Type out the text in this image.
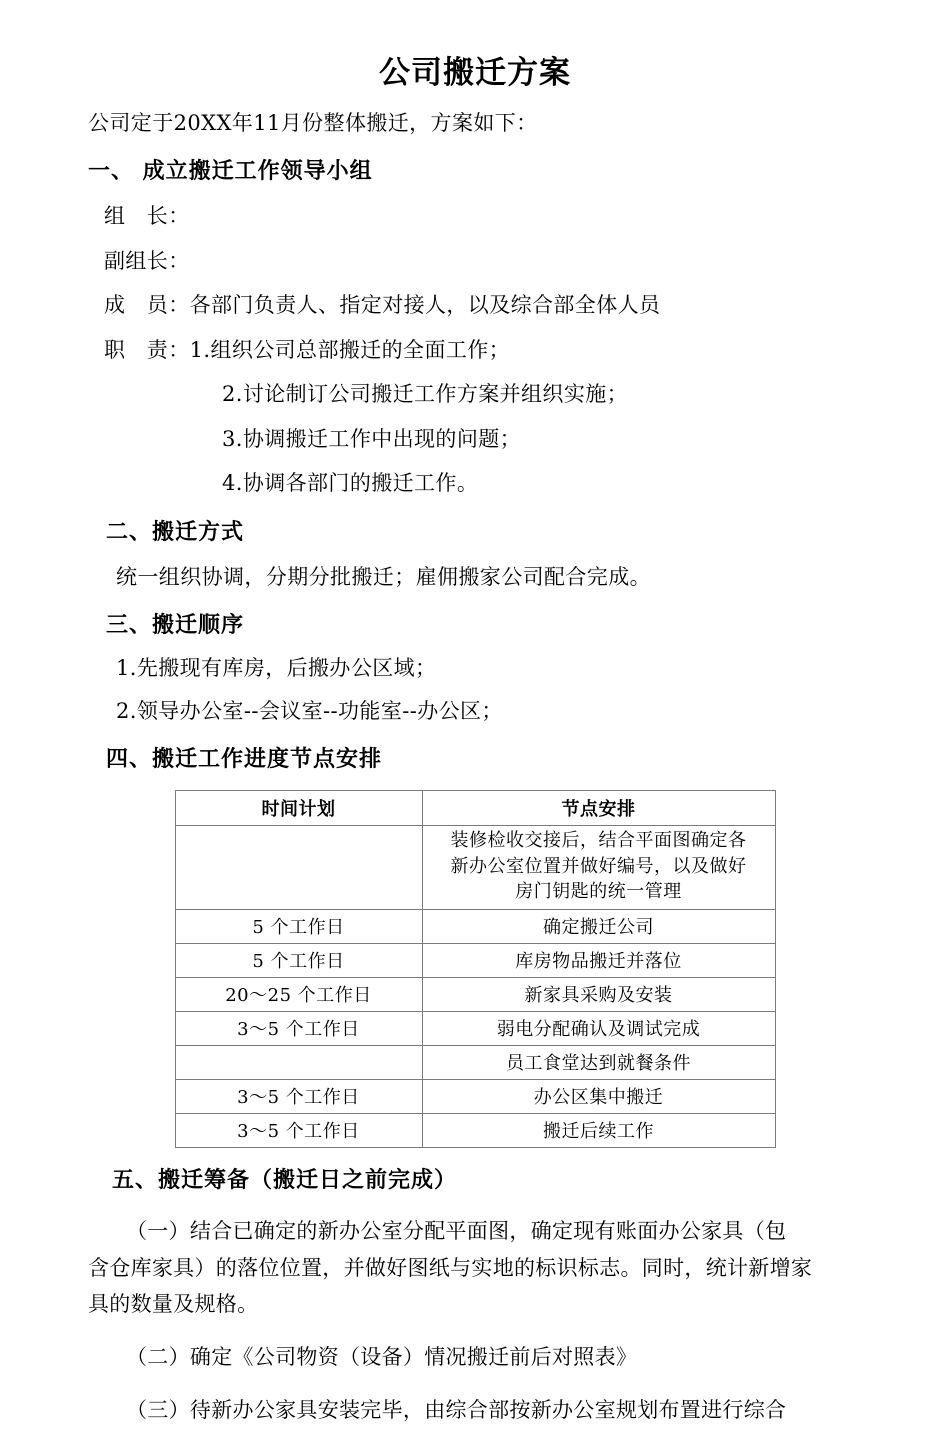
公司搬迁方案

公司定于20XX年11月份整体搬迁，方案如下：

一、 成立搬迁工作领导小组

组　长：

副组长：

成　员：各部门负责人、指定对接人，以及综合部全体人员

职　责：1.组织公司总部搬迁的全面工作；

2.讨论制订公司搬迁工作方案并组织实施；

3.协调搬迁工作中出现的问题；

4.协调各部门的搬迁工作。

二、搬迁方式

统一组织协调，分期分批搬迁；雇佣搬家公司配合完成。

三、搬迁顺序

1.先搬现有库房，后搬办公区域；

2.领导办公室--会议室--功能室--办公区；

四、搬迁工作进度节点安排

时间计划	节点安排

	装修检收交接后，结合平面图确定各
新办公室位置并做好编号，以及做好
房门钥匙的统一管理

5 个工作日	确定搬迁公司
5 个工作日	库房物品搬迁并落位
20～25 个工作日	新家具采购及安装
3～5 个工作日	弱电分配确认及调试完成
	员工食堂达到就餐条件
3～5 个工作日	办公区集中搬迁
3～5 个工作日	搬迁后续工作

五、搬迁筹备（搬迁日之前完成）

（一）结合已确定的新办公室分配平面图，确定现有账面办公家具（包
含仓库家具）的落位位置，并做好图纸与实地的标识标志。同时，统计新增家
具的数量及规格。
（二）确定《公司物资（设备）情况搬迁前后对照表》
（三）待新办公家具安装完毕，由综合部按新办公室规划布置进行综合
